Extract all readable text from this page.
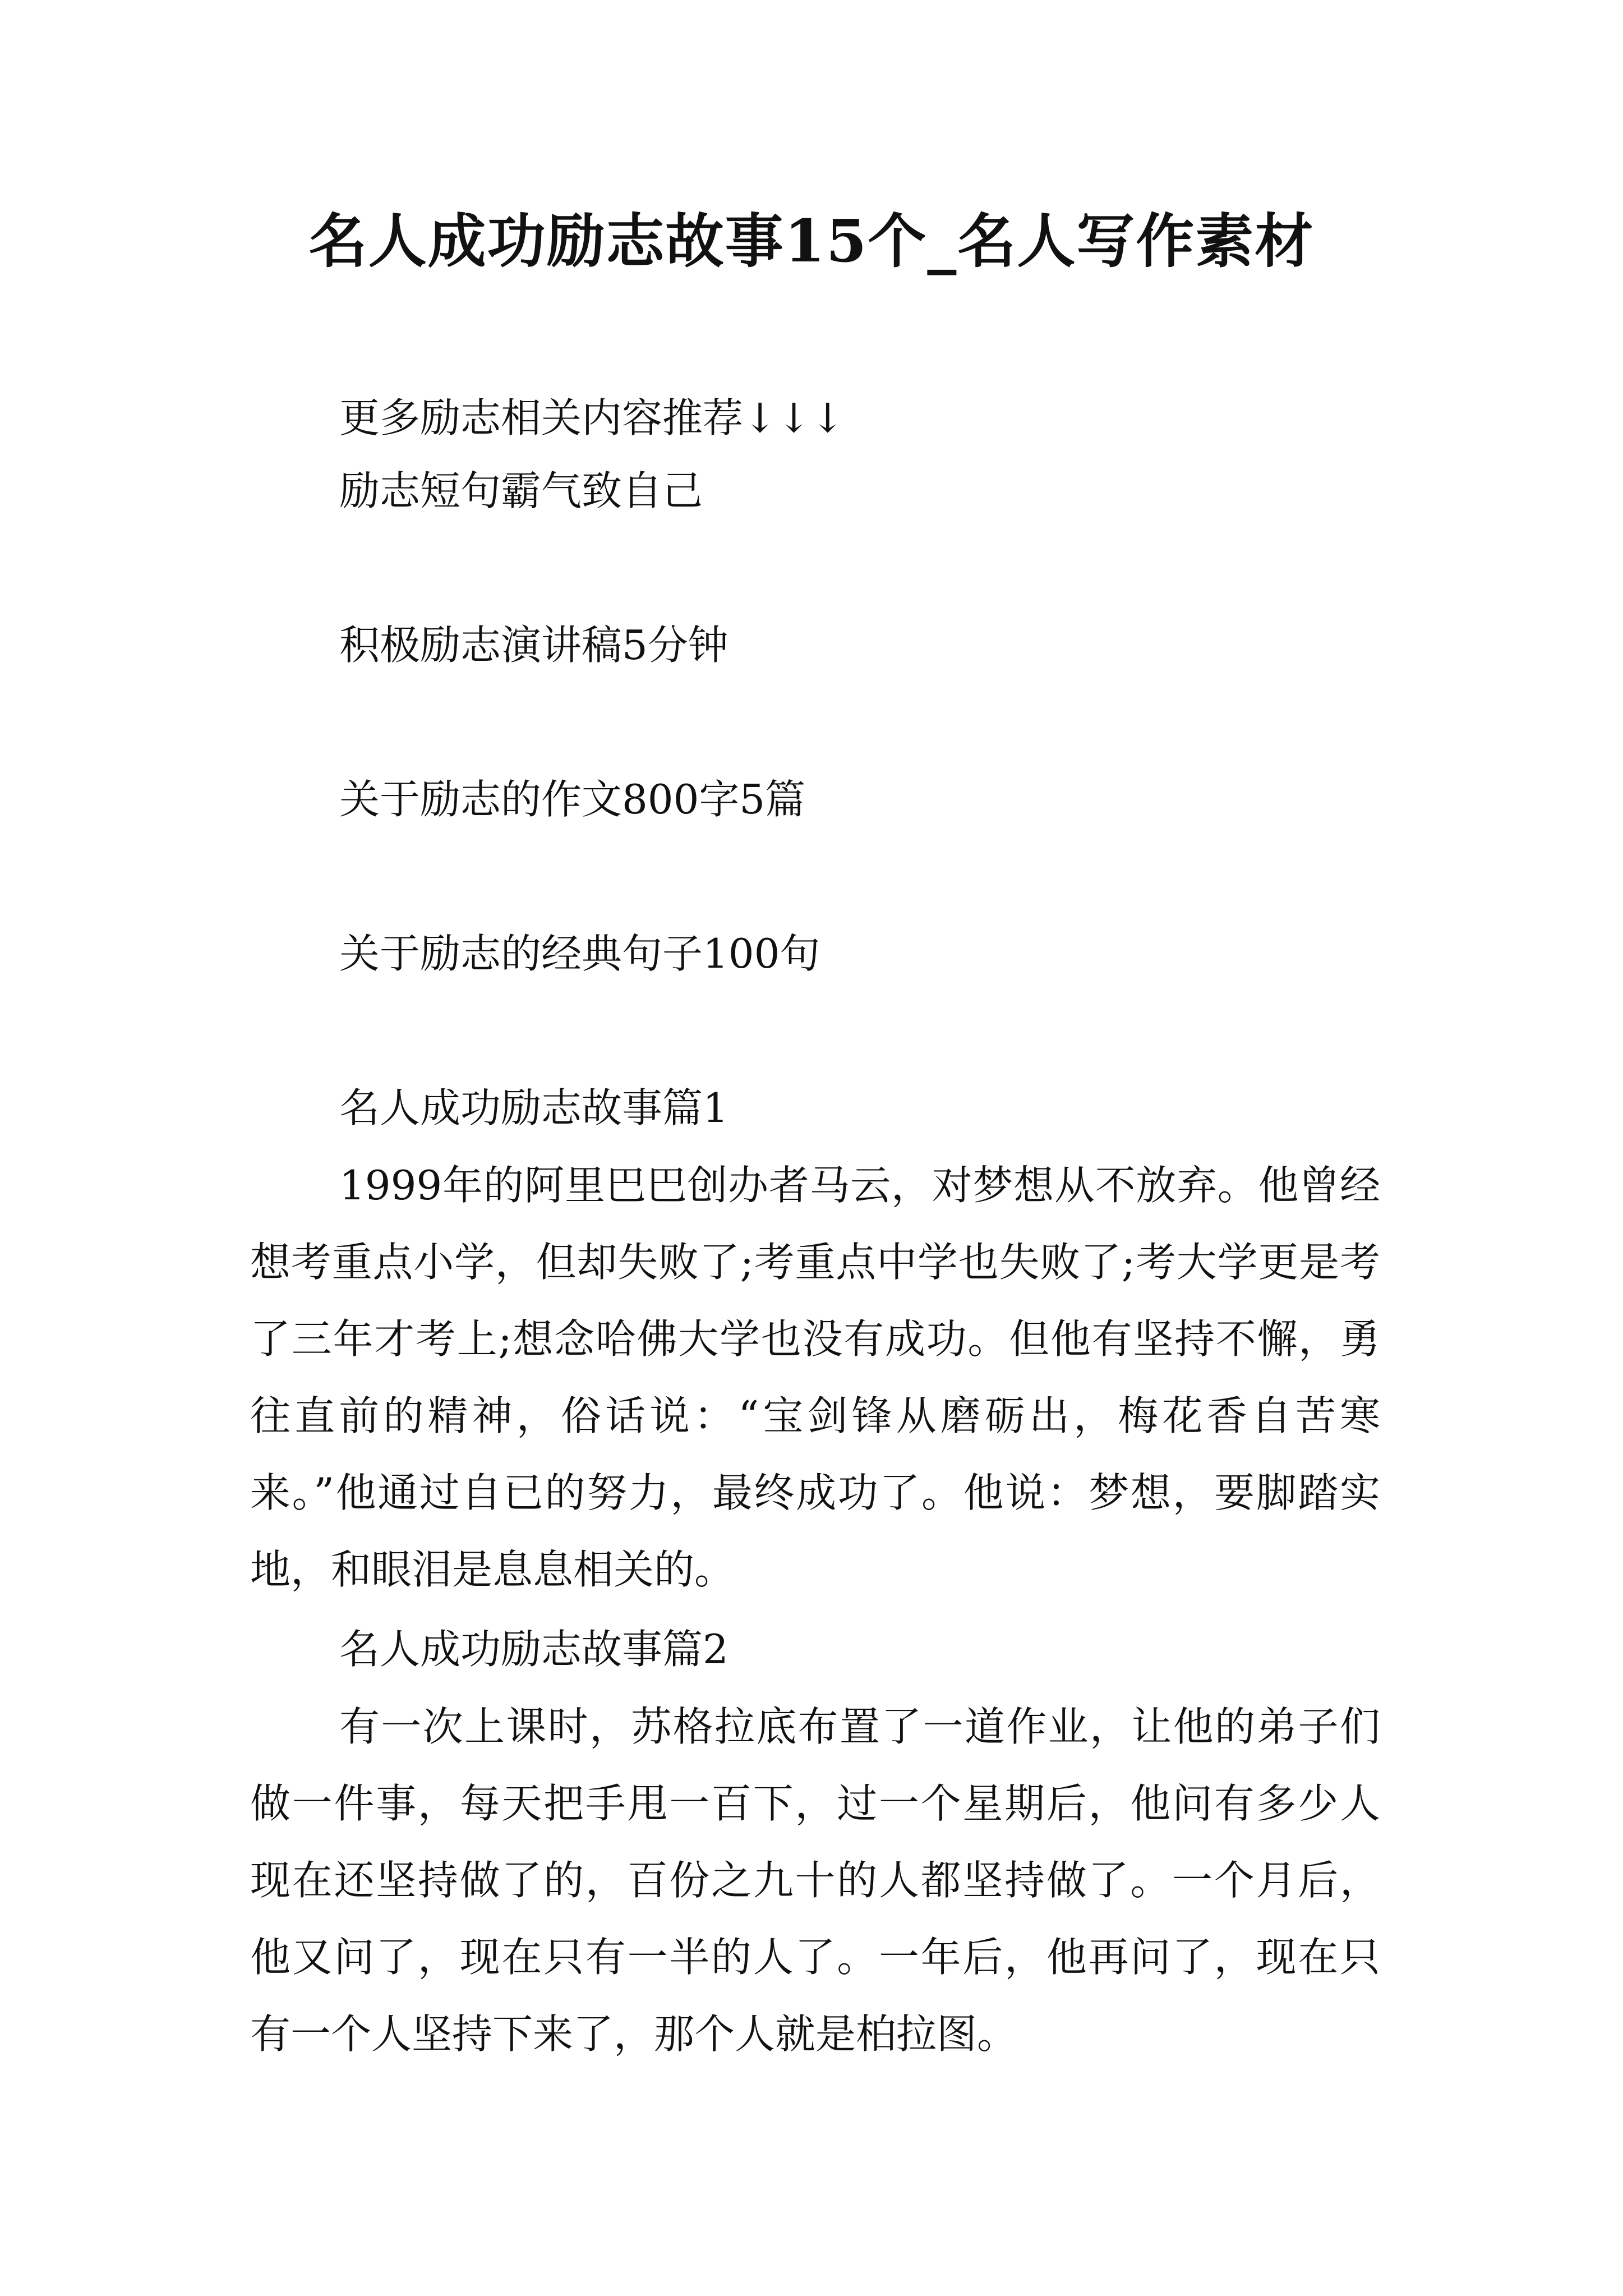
名人成功励志故事15个_名人写作素材
更多励志相关内容推荐↓↓↓
励志短句霸气致自己
积极励志演讲稿5分钟
关于励志的作文800字5篇
关于励志的经典句子100句
名人成功励志故事篇1

1999年的阿里巴巴创办者马云，对梦想从不放弃。他曾经想考重点小学，但却失败了;考重点中学也失败了;考大学更是考了三年才考上;想念哈佛大学也没有成功。但他有坚持不懈，勇往直前的精神，俗话说：“宝剑锋从磨砺出，梅花香自苦寒来。”他通过自已的努力，最终成功了。他说：梦想，要脚踏实地，和眼泪是息息相关的。

名人成功励志故事篇2

有一次上课时，苏格拉底布置了一道作业，让他的弟子们做一件事，每天把手甩一百下，过一个星期后，他问有多少人现在还坚持做了的，百份之九十的人都坚持做了。一个月后，他又问了，现在只有一半的人了。一年后，他再问了，现在只有一个人坚持下来了，那个人就是柏拉图。
